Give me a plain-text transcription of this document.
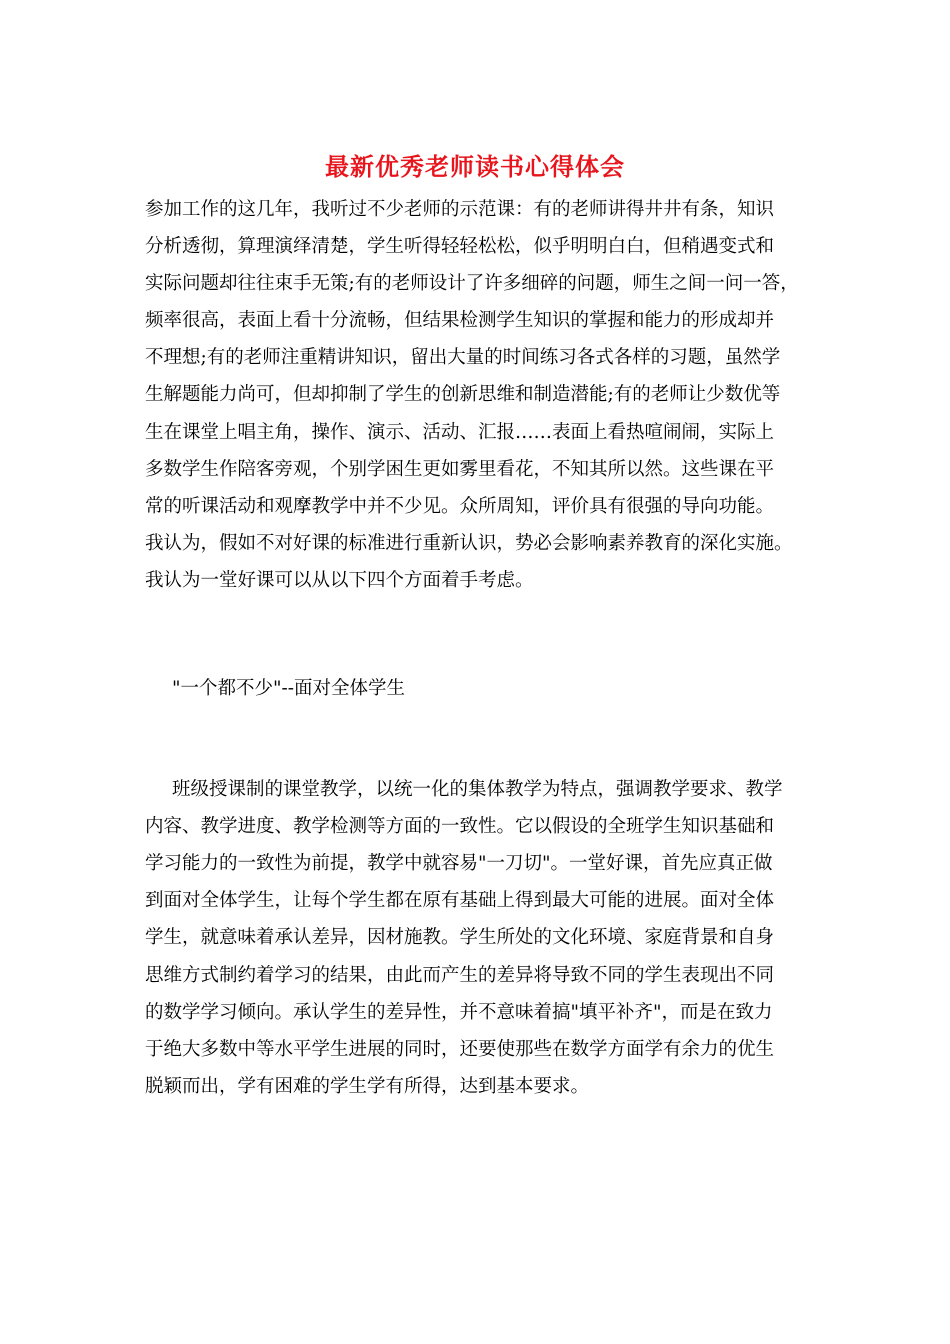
最新优秀老师读书心得体会
参加工作的这几年，我听过不少老师的示范课：有的老师讲得井井有条，知识
分析透彻，算理演绎清楚，学生听得轻轻松松，似乎明明白白，但稍遇变式和
实际问题却往往束手无策;有的老师设计了许多细碎的问题，师生之间一问一答，
频率很高，表面上看十分流畅，但结果检测学生知识的掌握和能力的形成却并
不理想;有的老师注重精讲知识，留出大量的时间练习各式各样的习题，虽然学
生解题能力尚可，但却抑制了学生的创新思维和制造潜能;有的老师让少数优等
生在课堂上唱主角，操作、演示、活动、汇报……表面上看热喧闹闹，实际上
多数学生作陪客旁观，个别学困生更如雾里看花，不知其所以然。这些课在平
常的听课活动和观摩教学中并不少见。众所周知，评价具有很强的导向功能。
我认为，假如不对好课的标准进行重新认识，势必会影响素养教育的深化实施。
我认为一堂好课可以从以下四个方面着手考虑。
"一个都不少"--面对全体学生
班级授课制的课堂教学，以统一化的集体教学为特点，强调教学要求、教学
内容、教学进度、教学检测等方面的一致性。它以假设的全班学生知识基础和
学习能力的一致性为前提，教学中就容易"一刀切"。一堂好课，首先应真正做
到面对全体学生，让每个学生都在原有基础上得到最大可能的进展。面对全体
学生，就意味着承认差异，因材施教。学生所处的文化环境、家庭背景和自身
思维方式制约着学习的结果，由此而产生的差异将导致不同的学生表现出不同
的数学学习倾向。承认学生的差异性，并不意味着搞"填平补齐"，而是在致力
于绝大多数中等水平学生进展的同时，还要使那些在数学方面学有余力的优生
脱颖而出，学有困难的学生学有所得，达到基本要求。
